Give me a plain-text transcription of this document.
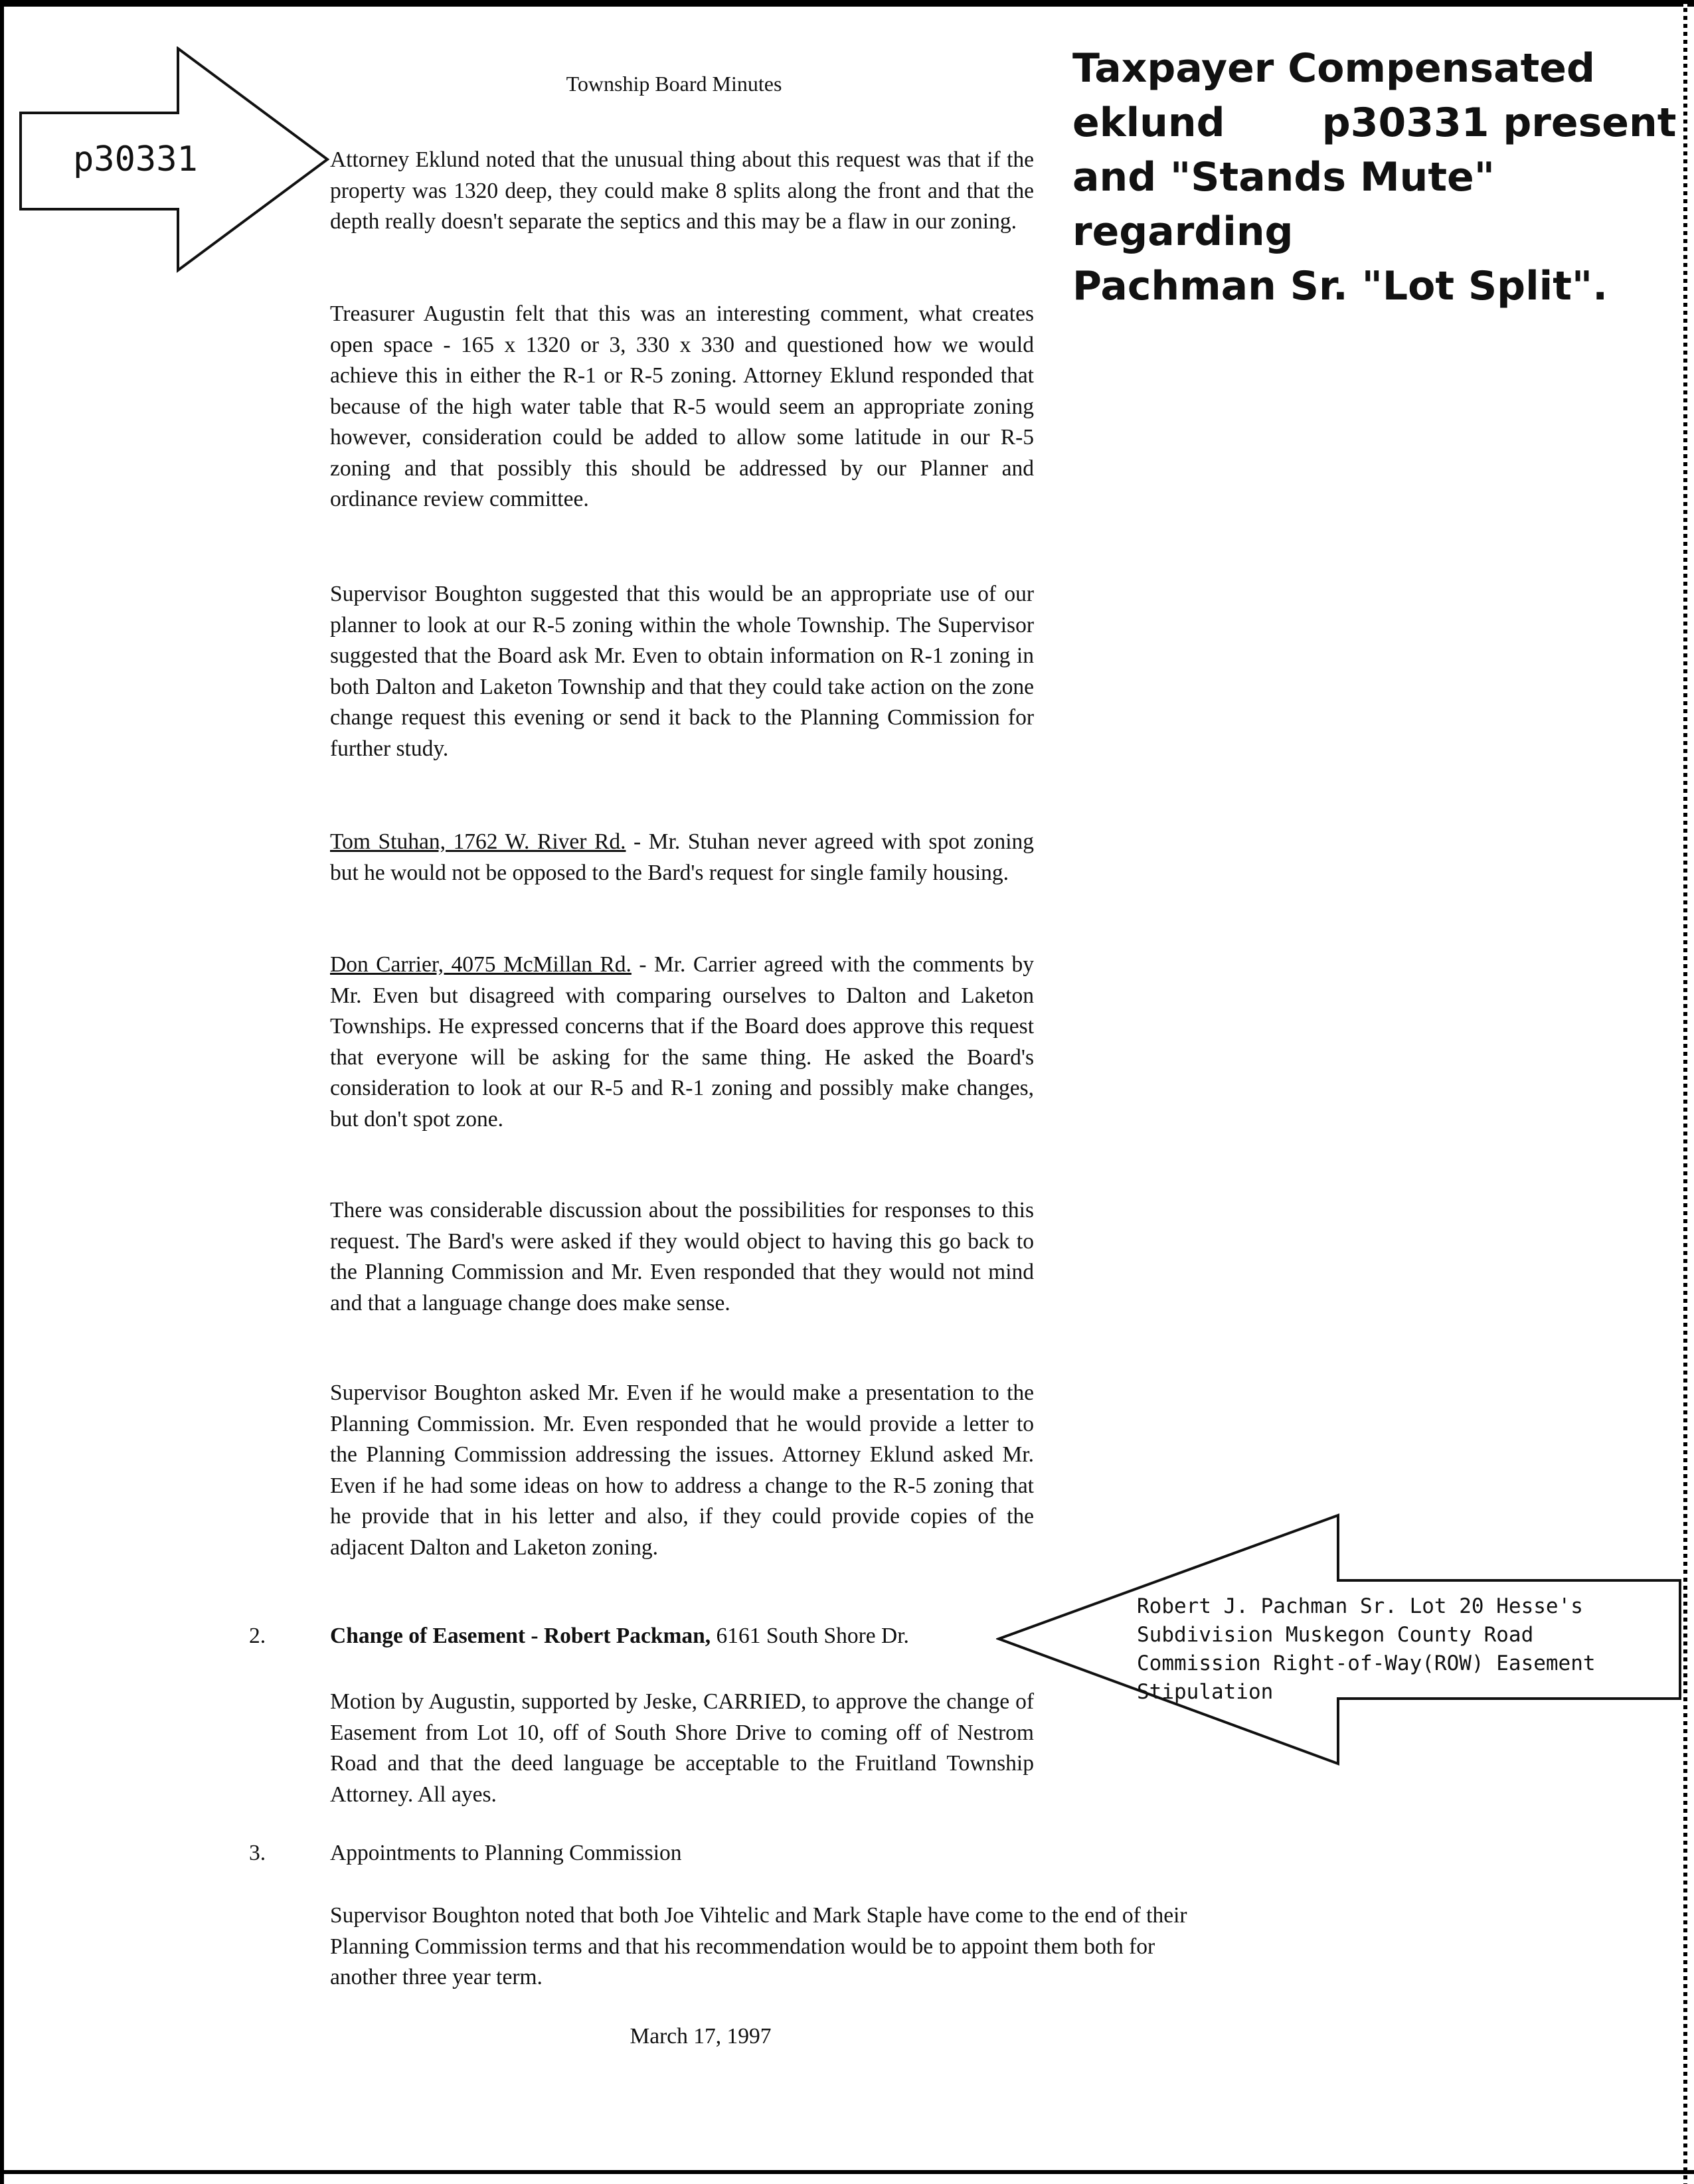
Township Board Minutes	Taxpayer Compensated
eklund       p30331 present
and "Stands Mute" regarding
Pachman Sr. "Lot Split".
p30331
Robert J. Pachman Sr. Lot 20 Hesse's Subdivision Muskegon County Road Commission Right-of-Way(ROW) Easement Stipulation
Attorney Eklund noted that the unusual thing about this request was that if the property was 1320 deep, they could make 8 splits along the front and that the depth really doesn't separate the septics and this may be a flaw in our zoning.
Treasurer Augustin felt that this was an interesting comment, what creates open space - 165 x 1320 or 3, 330 x 330 and questioned how we would achieve this in either the R-1 or R-5 zoning. Attorney Eklund responded that because of the high water table that R-5 would seem an appropriate zoning however, consideration could be added to allow some latitude in our R-5 zoning and that possibly this should be addressed by our Planner and ordinance review committee.
Supervisor Boughton suggested that this would be an appropriate use of our planner to look at our R-5 zoning within the whole Township. The Supervisor suggested that the Board ask Mr. Even to obtain information on R-1 zoning in both Dalton and Laketon Township and that they could take action on the zone change request this evening or send it back to the Planning Commission for further study.
Tom Stuhan, 1762 W. River Rd. - Mr. Stuhan never agreed with spot zoning but he would not be opposed to the Bard's request for single family housing.
Don Carrier, 4075 McMillan Rd. - Mr. Carrier agreed with the comments by Mr. Even but disagreed with comparing ourselves to Dalton and Laketon Townships. He expressed concerns that if the Board does approve this request that everyone will be asking for the same thing. He asked the Board's consideration to look at our R-5 and R-1 zoning and possibly make changes, but don't spot zone.
There was considerable discussion about the possibilities for responses to this request. The Bard's were asked if they would object to having this go back to the Planning Commission and Mr. Even responded that they would not mind and that a language change does make sense.
Supervisor Boughton asked Mr. Even if he would make a presentation to the Planning Commission. Mr. Even responded that he would provide a letter to the Planning Commission addressing the issues. Attorney Eklund asked Mr. Even if he had some ideas on how to address a change to the R-5 zoning that he provide that in his letter and also, if they could provide copies of the adjacent Dalton and Laketon zoning.
2.	Change of Easement - Robert Packman, 6161 South Shore Dr.
Motion by Augustin, supported by Jeske, CARRIED, to approve the change of Easement from Lot 10, off of South Shore Drive to coming off of Nestrom Road and that the deed language be acceptable to the Fruitland Township Attorney. All ayes.
3.	Appointments to Planning Commission
Supervisor Boughton noted that both Joe Vihtelic and Mark Staple have come to the end of their Planning Commission terms and that his recommendation would be to appoint them both for another three year term.
March 17, 1997
